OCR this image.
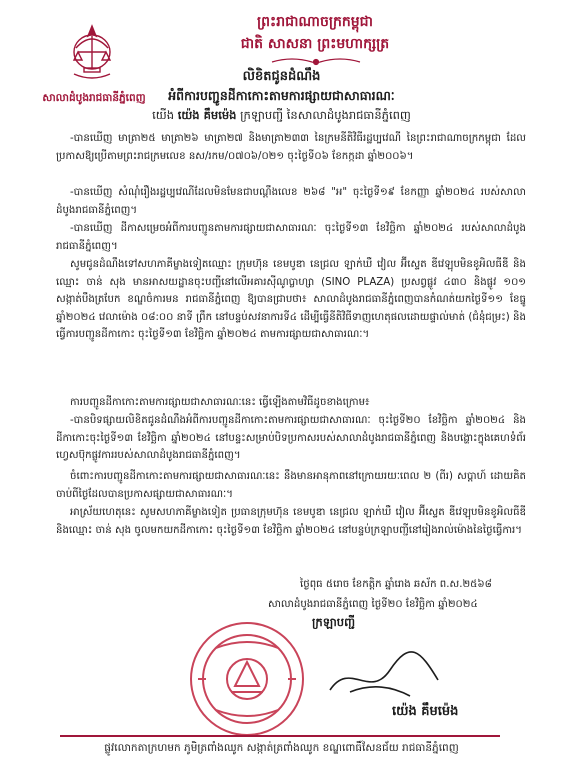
សាលាដំបូងរាជធានីភ្នំពេញ
ព្រះរាជាណាចក្រកម្ពុជា
ជាតិ សាសនា ព្រះមហាក្សត្រ
លិខិតជូនដំណឹង
អំពីការបញ្ជូនដីកាកោះតាមការផ្សាយជាសាធារណៈ
យើង យ៉េង គឹមម៉េង ក្រឡាបញ្ជី នៃសាលាដំបូងរាជធានីភ្នំពេញ
-បានឃើញ មាត្រា២៥ មាត្រា២៦ មាត្រា២៧ និងមាត្រា២៣៣ នៃក្រមនីតិវិធីរដ្ឋប្បវេណី នៃព្រះរាជាណាចក្រកម្ពុជា ដែលប្រកាសឱ្យប្រើតាមព្រះរាជក្រមលេខ នស/រកម/០៧០៦/០២១ ចុះថ្ងៃទី០៦ ខែកក្កដា ឆ្នាំ២០០៦។
-បានឃើញ សំណុំរឿងរដ្ឋប្បវេណីដែលមិនមែនជាបណ្ដឹងលេខ ២៦៨ "អ" ចុះថ្ងៃទី១៩ ខែកញ្ញា ឆ្នាំ២០២៤ របស់សាលាដំបូងរាជធានីភ្នំពេញ។
-បានឃើញ ដីកាសម្រេចអំពីការបញ្ជូនតាមការផ្សាយជាសាធារណៈ ចុះថ្ងៃទី១៣ ខែវិច្ឆិកា ឆ្នាំ២០២៤ របស់សាលាដំបូងរាជធានីភ្នំពេញ។
សូមជូនដំណឹងទៅសហភាគីម្ខាងទៀតឈ្មោះ ក្រុមហ៊ុន ខេមបូឌា នេជ្រល ឡាក់ឃឺ វៀល អ៊ីស្ទេត ឌីវេឡុបមិនខូអិលធីឌី និងឈ្មោះ ចាន់ សុង មានអាសយដ្ឋានចុះបញ្ជីនៅលើអគារស៊ីណូប្លាហ្សា (SINO PLAZA) ប្រសព្វផ្លូវ ៤៣០ និងផ្លូវ ១០១ សង្កាត់បឹងត្របែក ខណ្ឌចំការមន រាជធានីភ្នំពេញ ឱ្យបានជ្រាបថា៖ សាលាដំបូងរាជធានីភ្នំពេញបានកំណត់យកថ្ងៃទី១១ ខែធ្នូ ឆ្នាំ២០២៤ វេលាម៉ោង ០៨:០០ នាទី ព្រឹក នៅបន្ទប់សវនាការទី៤ ដើម្បីធ្វើនីតិវិធីទាញហេតុផលដោយផ្ទាល់មាត់ (ជំនុំជម្រះ) និងធ្វើការបញ្ជូនដីកាកោះ ចុះថ្ងៃទី១៣ ខែវិច្ឆិកា ឆ្នាំ២០២៤ តាមការផ្សាយជាសាធារណៈ។
ការបញ្ជូនដីកាកោះតាមការផ្សាយជាសាធារណៈនេះ ធ្វើឡើងតាមវិធីដូចខាងក្រោម៖
-បានបិទផ្សាយលិខិតជូនដំណឹងអំពីការបញ្ជូនដីកាកោះតាមការផ្សាយជាសាធារណៈ ចុះថ្ងៃទី២០ ខែវិច្ឆិកា ឆ្នាំ២០២៤ និងដីកាកោះចុះថ្ងៃទី១៣ ខែវិច្ឆិកា ឆ្នាំ២០២៤ នៅបន្ទះសម្រាប់បិទប្រកាសរបស់សាលាដំបូងរាជធានីភ្នំពេញ និងបង្ហោះក្នុងគេហទំព័រហ្វេសប៊ុកផ្លូវការរបស់សាលាដំបូងរាជធានីភ្នំពេញ។
ចំពោះការបញ្ជូនដីកាកោះតាមការផ្សាយជាសាធារណៈនេះ នឹងមានអានុភាពនៅក្រោយរយៈពេល ២ (ពីរ) សប្ដាហ៍ ដោយគិតចាប់ពីថ្ងៃដែលបានប្រកាសផ្សាយជាសាធារណៈ។
អាស្រ័យហេតុនេះ សូមសហភាគីម្ខាងទៀត ប្រធានក្រុមហ៊ុន ខេមបូឌា នេជ្រល ឡាក់ឃឺ វៀល អ៊ីស្ទេត ឌីវេឡុបមិនខូអិលធីឌី និងឈ្មោះ ចាន់ សុង ចូលមកយកដីកាកោះ ចុះថ្ងៃទី១៣ ខែវិច្ឆិកា ឆ្នាំ២០២៤ នៅបន្ទប់ក្រឡាបញ្ជីនៅរៀងរាល់ម៉ោងនៃថ្ងៃធ្វើការ។
ថ្ងៃពុធ ៥រោច ខែកត្តិក ឆ្នាំរោង ឆស័ក ព.ស.២៥៦៨
សាលាដំបូងរាជធានីភ្នំពេញ ថ្ងៃទី២០ ខែវិច្ឆិកា ឆ្នាំ២០២៤
ក្រឡាបញ្ជី
យ៉េង គឹមម៉េង
ផ្លូវលោកតាក្រហមក ភូមិត្រពាំងឈូក សង្កាត់ត្រពាំងឈូក ខណ្ឌពោធិ៍សែនជ័យ រាជធានីភ្នំពេញ
